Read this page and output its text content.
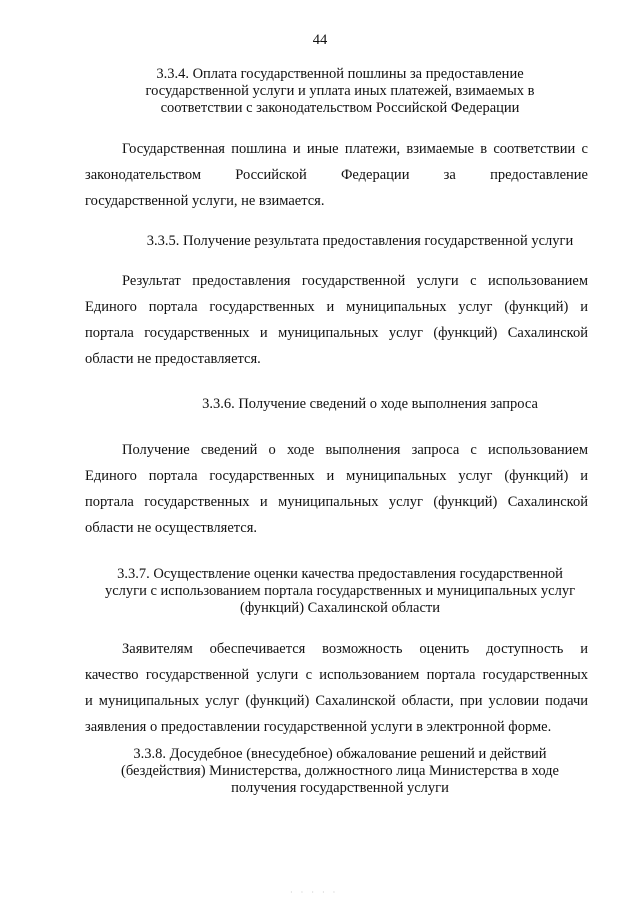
44
3.3.4. Оплата государственной пошлины за предоставление
государственной услуги и уплата иных платежей, взимаемых в
соответствии с законодательством Российской Федерации
Государственная пошлина и иные платежи, взимаемые в соответствии с
законодательством Российской Федерации за предоставление
государственной услуги, не взимается.
3.3.5. Получение результата предоставления государственной услуги
Результат предоставления государственной услуги с использованием
Единого портала государственных и муниципальных услуг (функций) и
портала государственных и муниципальных услуг (функций) Сахалинской
области не предоставляется.
3.3.6. Получение сведений о ходе выполнения запроса
Получение сведений о ходе выполнения запроса с использованием
Единого портала государственных и муниципальных услуг (функций) и
портала государственных и муниципальных услуг (функций) Сахалинской
области не осуществляется.
3.3.7. Осуществление оценки качества предоставления государственной
услуги с использованием портала государственных и муниципальных услуг
(функций) Сахалинской области
Заявителям обеспечивается возможность оценить доступность и
качество государственной услуги с использованием портала государственных
и муниципальных услуг (функций) Сахалинской области, при условии подачи
заявления о предоставлении государственной услуги в электронной форме.
3.3.8. Досудебное (внесудебное) обжалование решений и действий
(бездействия) Министерства, должностного лица Министерства в ходе
получения государственной услуги
· · · · ·
